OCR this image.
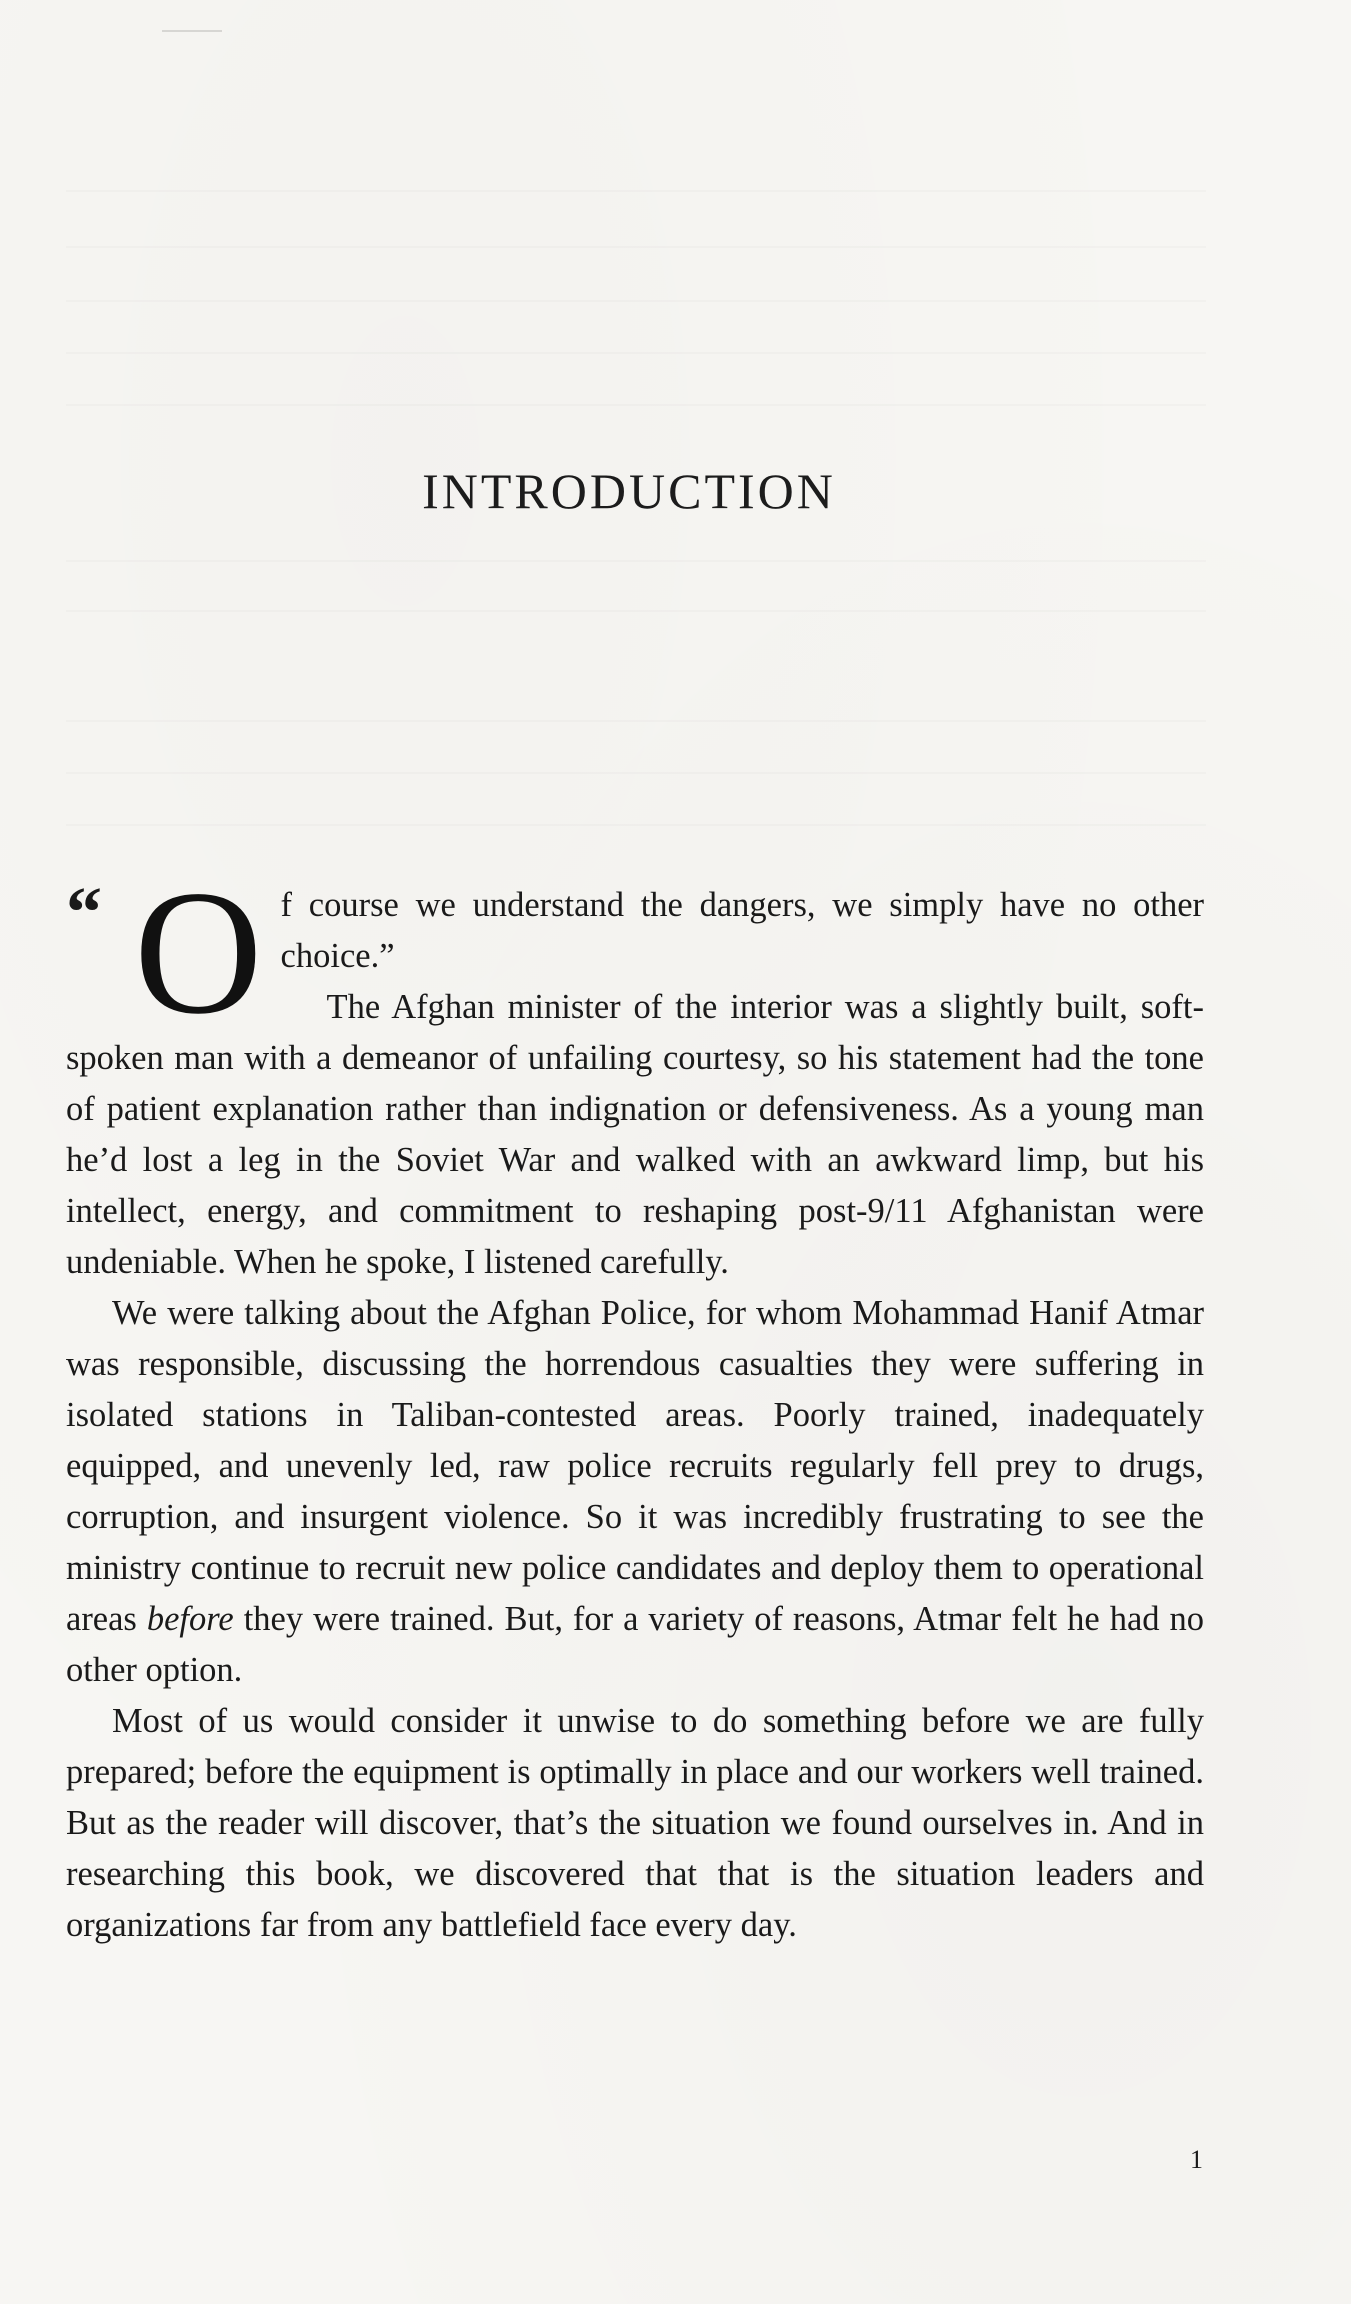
INTRODUCTION

“ O f course we understand the dangers, we simply have no other choice.”
The Afghan minister of the interior was a slightly built, soft-spoken man with a demeanor of unfailing courtesy, so his statement had the tone of patient explanation rather than indignation or defensiveness. As a young man he’d lost a leg in the Soviet War and walked with an awkward limp, but his intellect, energy, and commitment to reshaping post-9/11 Afghanistan were undeniable. When he spoke, I listened carefully.

We were talking about the Afghan Police, for whom Mohammad Hanif Atmar was responsible, discussing the horrendous casualties they were suffering in isolated stations in Taliban-contested areas. Poorly trained, inadequately equipped, and unevenly led, raw police recruits regularly fell prey to drugs, corruption, and insurgent violence. So it was incredibly frustrating to see the ministry continue to recruit new police candidates and deploy them to operational areas before they were trained. But, for a variety of reasons, Atmar felt he had no other option.

Most of us would consider it unwise to do something before we are fully prepared; before the equipment is optimally in place and our workers well trained. But as the reader will discover, that’s the situation we found ourselves in. And in researching this book, we discovered that that is the situation leaders and organizations far from any battlefield face every day.

1
